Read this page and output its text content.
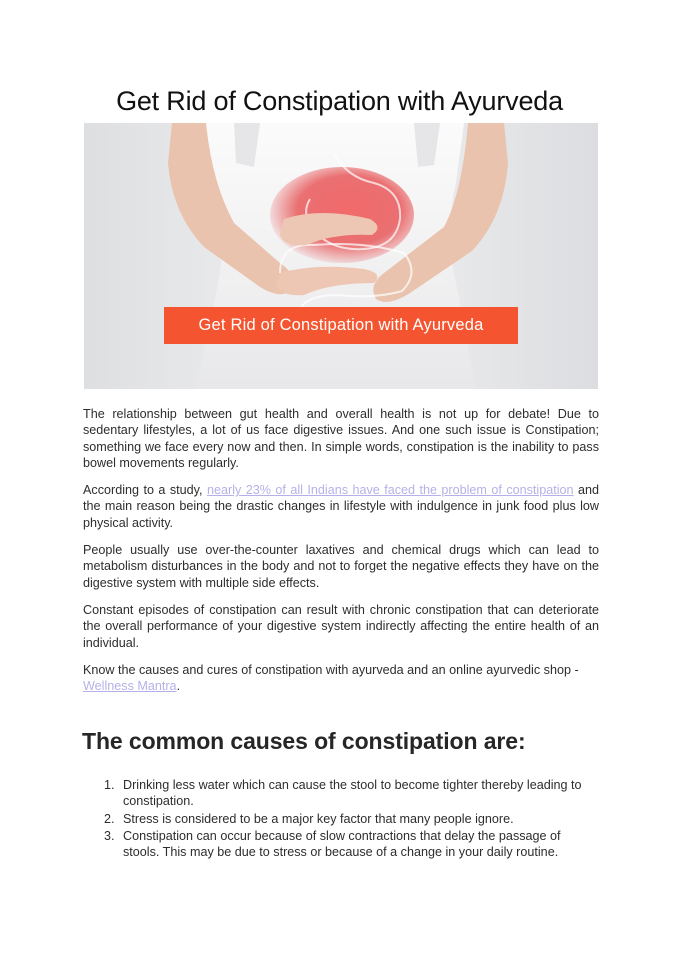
Get Rid of Constipation with Ayurveda
Get Rid of Constipation with Ayurveda

The relationship between gut health and overall health is not up for debate! Due to sedentary lifestyles, a lot of us face digestive issues. And one such issue is Constipation; something we face every now and then. In simple words, constipation is the inability to pass bowel movements regularly.

According to a study, nearly 23% of all Indians have faced the problem of constipation and the main reason being the drastic changes in lifestyle with indulgence in junk food plus low physical activity.

People usually use over-the-counter laxatives and chemical drugs which can lead to metabolism disturbances in the body and not to forget the negative effects they have on the digestive system with multiple side effects.

Constant episodes of constipation can result with chronic constipation that can deteriorate the overall performance of your digestive system indirectly affecting the entire health of an individual.

Know the causes and cures of constipation with ayurveda and an online ayurvedic shop - Wellness Mantra.

The common causes of constipation are:
1. Drinking less water which can cause the stool to become tighter thereby leading to constipation.
2. Stress is considered to be a major key factor that many people ignore.
3. Constipation can occur because of slow contractions that delay the passage of stools. This may be due to stress or because of a change in your daily routine.
